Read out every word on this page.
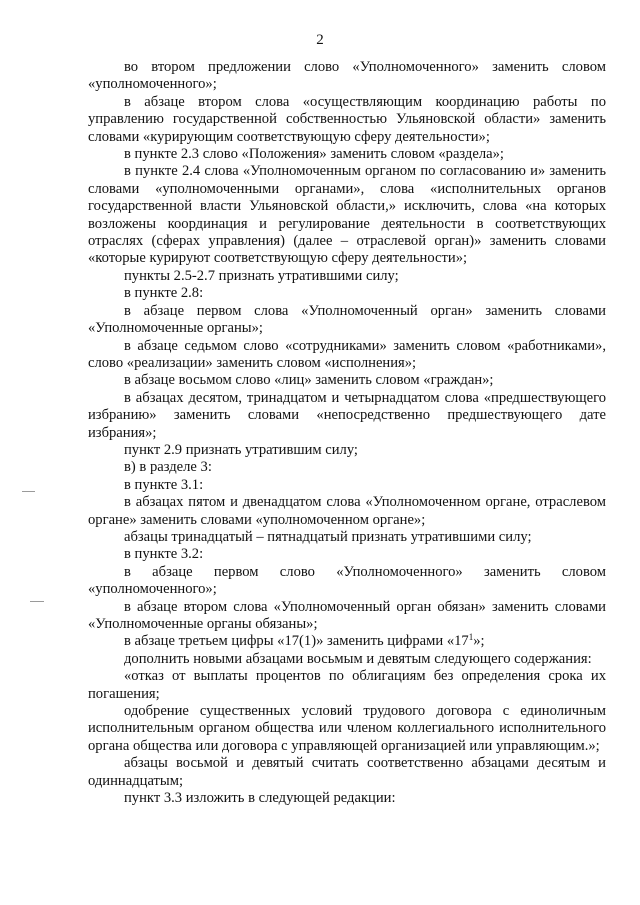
2

во втором предложении слово «Уполномоченного» заменить словом «уполномоченного»;

в абзаце втором слова «осуществляющим координацию работы по управлению государственной собственностью Ульяновской области» заменить словами «курирующим соответствующую сферу деятельности»;

в пункте 2.3 слово «Положения» заменить словом «раздела»;

в пункте 2.4 слова «Уполномоченным органом по согласованию и» заменить словами «уполномоченными органами», слова «исполнительных органов государственной власти Ульяновской области,» исключить, слова «на которых возложены координация и регулирование деятельности в соответствующих отраслях (сферах управления) (далее – отраслевой орган)» заменить словами «которые курируют соответствующую сферу деятельности»;

пункты 2.5-2.7 признать утратившими силу;

в пункте 2.8:

в абзаце первом слова «Уполномоченный орган» заменить словами «Уполномоченные органы»;

в абзаце седьмом слово «сотрудниками» заменить словом «работниками», слово «реализации» заменить словом «исполнения»;

в абзаце восьмом слово «лиц» заменить словом «граждан»;

в абзацах десятом, тринадцатом и четырнадцатом слова «предшествующего избранию» заменить словами «непосредственно предшествующего дате избрания»;

пункт 2.9 признать утратившим силу;

в) в разделе 3:

в пункте 3.1:

в абзацах пятом и двенадцатом слова «Уполномоченном органе, отраслевом органе» заменить словами «уполномоченном органе»;

абзацы тринадцатый – пятнадцатый признать утратившими силу;

в пункте 3.2:

в абзаце первом слово «Уполномоченного» заменить словом «уполномоченного»;

в абзаце втором слова «Уполномоченный орган обязан» заменить словами «Уполномоченные органы обязаны»;

в абзаце третьем цифры «17(1)» заменить цифрами «$17^1$»;

дополнить новыми абзацами восьмым и девятым следующего содержания:

«отказ от выплаты процентов по облигациям без определения срока их погашения;

одобрение существенных условий трудового договора с единоличным исполнительным органом общества или членом коллегиального исполнительного органа общества или договора с управляющей организацией или управляющим.»;

абзацы восьмой и девятый считать соответственно абзацами десятым и одиннадцатым;

пункт 3.3 изложить в следующей редакции:
